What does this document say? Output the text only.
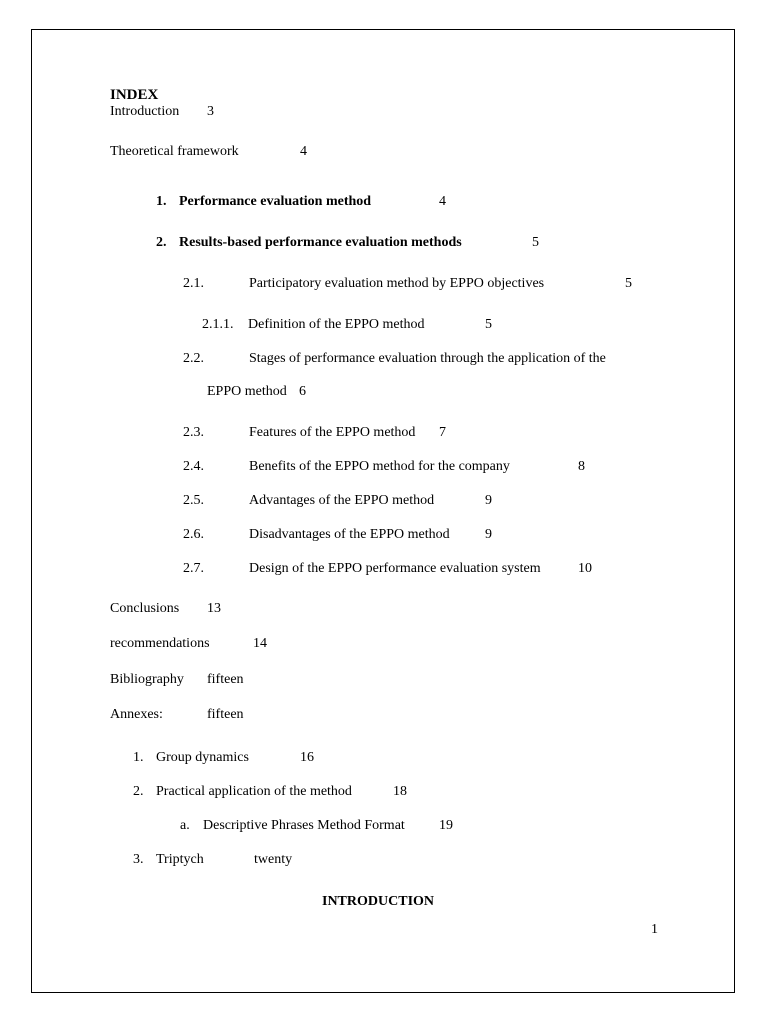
INDEX
Introduction 3
Theoretical framework	4
1. Performance evaluation method	4
2. Results-based performance evaluation methods	5
2.1.	Participatory evaluation method by EPPO objectives	5
2.1.1. Definition of the EPPO method	5
2.2.	Stages of performance evaluation through the application of the
EPPO method 6
2.3.	Features of the EPPO method 7
2.4.	Benefits of the EPPO method for the company	8
2.5.	Advantages of the EPPO method	9
2.6.	Disadvantages of the EPPO method	9
2.7.	Design of the EPPO performance evaluation system	10
Conclusions 13
recommendations	14
Bibliography fifteen
Annexes:	fifteen
1. Group dynamics	16
2. Practical application of the method	18
a. Descriptive Phrases Method Format 19
3. Triptych	twenty
INTRODUCTION
1
